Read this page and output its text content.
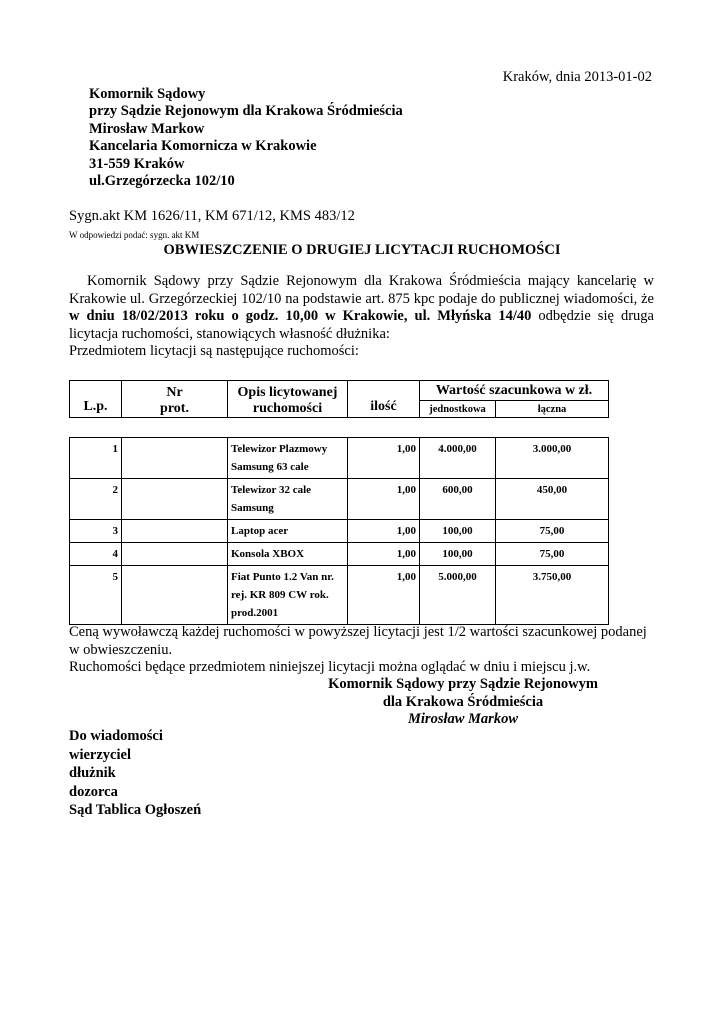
Kraków, dnia 2013-01-02
Komornik Sądowy
przy Sądzie Rejonowym dla Krakowa Śródmieścia
Mirosław Markow
Kancelaria Komornicza w Krakowie
31-559 Kraków
ul.Grzegórzecka 102/10
Sygn.akt KM 1626/11, KM 671/12, KMS 483/12
W odpowiedzi podać: sygn. akt KM
OBWIESZCZENIE O DRUGIEJ LICYTACJI RUCHOMOŚCI

Komornik Sądowy przy Sądzie Rejonowym dla Krakowa Śródmieścia mający kancelarię w Krakowie ul. Grzegórzeckiej 102/10 na podstawie art. 875 kpc podaje do publicznej wiadomości, że w dniu 18/02/2013 roku o godz. 10,00 w Krakowie, ul. Młyńska 14/40 odbędzie się druga licytacja ruchomości, stanowiących własność dłużnika:

Przedmiotem licytacji są następujące ruchomości:

L.p.	Nr	Opis licytowanej	ilość	Wartość szacunkowa w zł.	
	prot.	ruchomości		jednostkowa	łączna
1		Telewizor Plazmowy Samsung 63 cale	1,00	4.000,00	3.000,00
2		Telewizor 32 cale Samsung	1,00	600,00	450,00
3		Laptop acer	1,00	100,00	75,00
4		Konsola XBOX	1,00	100,00	75,00
5		Fiat Punto 1.2 Van nr. rej. KR 809 CW rok. prod.2001	1,00	5.000,00	3.750,00

Ceną wywoławczą każdej ruchomości w powyższej licytacji jest 1/2 wartości szacunkowej podanej w obwieszczeniu.

Ruchomości będące przedmiotem niniejszej licytacji można oglądać w dniu i miejscu j.w.

Komornik Sądowy przy Sądzie Rejonowym
dla Krakowa Śródmieścia
Mirosław Markow
Do wiadomości
wierzyciel
dłużnik
dozorca
Sąd Tablica Ogłoszeń
